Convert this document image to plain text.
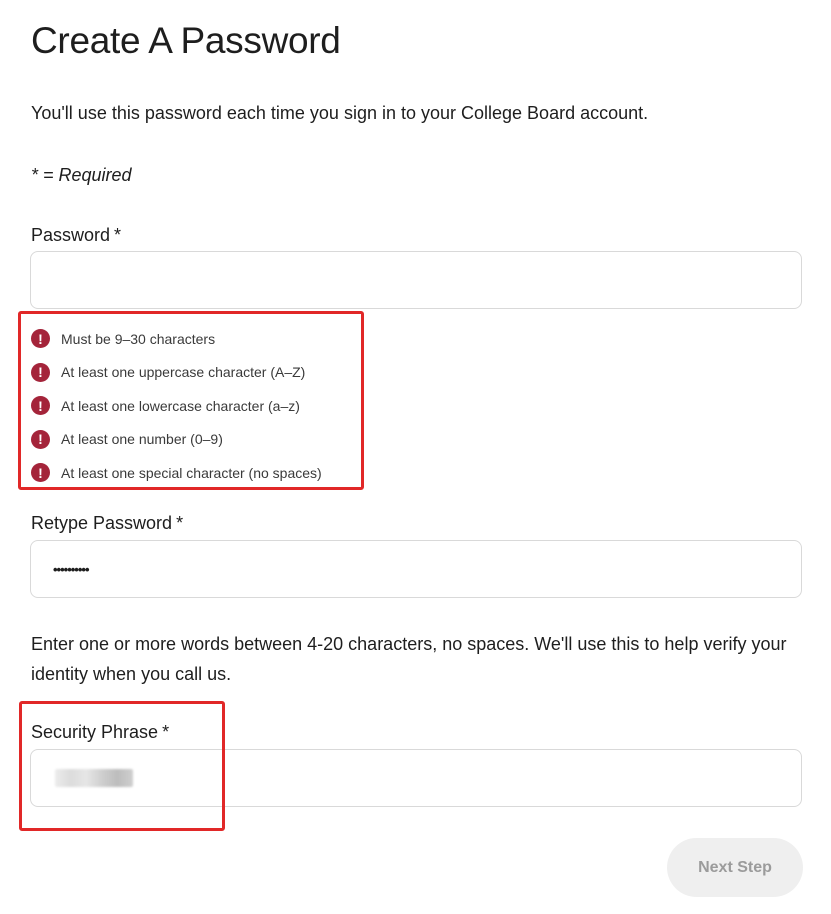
Create A Password
You'll use this password each time you sign in to your College Board account.
* = Required
Password *
! Must be 9–30 characters
! At least one uppercase character (A–Z)
! At least one lowercase character (a–z)
! At least one number (0–9)
! At least one special character (no spaces)
Retype Password *
••••••••••
Enter one or more words between 4-20 characters, no spaces. We'll use this to help verify your identity when you call us.
Security Phrase *
Next Step
